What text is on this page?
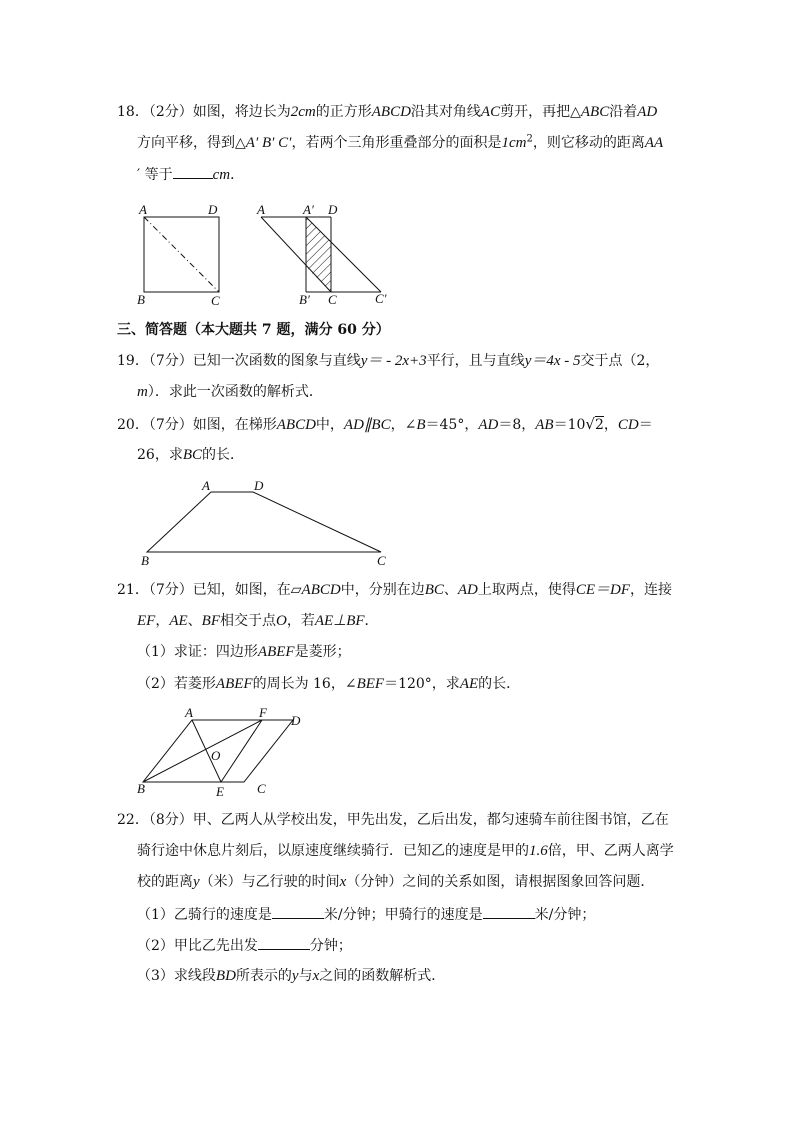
18．（2分）如图，将边长为2cm的正方形ABCD沿其对角线AC剪开，再把△ABC沿着AD
方向平移，得到△A′ B′ C′，若两个三角形重叠部分的面积是$1cm^2$，则它移动的距离AA
′ 等于	cm．
A	D
B	C
A	A′ D
B′ C	C′
三、简答题（本大题共 7 题，满分 60 分）
19．（7分）已知一次函数的图象与直线y＝ - 2x+3平行，且与直线y＝4x - 5交于点（2，
m）．求此一次函数的解析式．
20．（7分）如图，在梯形ABCD中，AD∥BC，∠B＝45°，AD＝8，AB＝10√2，CD＝
26，求BC的长．
A	D
B	C
21．（7分）已知，如图，在▱ABCD中，分别在边BC、AD上取两点，使得CE＝DF，连接
EF，AE、BF相交于点O，若AE⊥BF．
（1）求证：四边形ABEF是菱形；
（2）若菱形ABEF的周长为 16，∠BEF＝120°，求AE的长．
A	F
D
O
B	E	C
22．（8分）甲、乙两人从学校出发，甲先出发，乙后出发，都匀速骑车前往图书馆，乙在
骑行途中休息片刻后，以原速度继续骑行．已知乙的速度是甲的1.6倍，甲、乙两人离学
校的距离y（米）与乙行驶的时间x（分钟）之间的关系如图，请根据图象回答问题．
（1）乙骑行的速度是	米/分钟；甲骑行的速度是	米/分钟；
（2）甲比乙先出发	分钟；
（3）求线段BD所表示的y与x之间的函数解析式．
